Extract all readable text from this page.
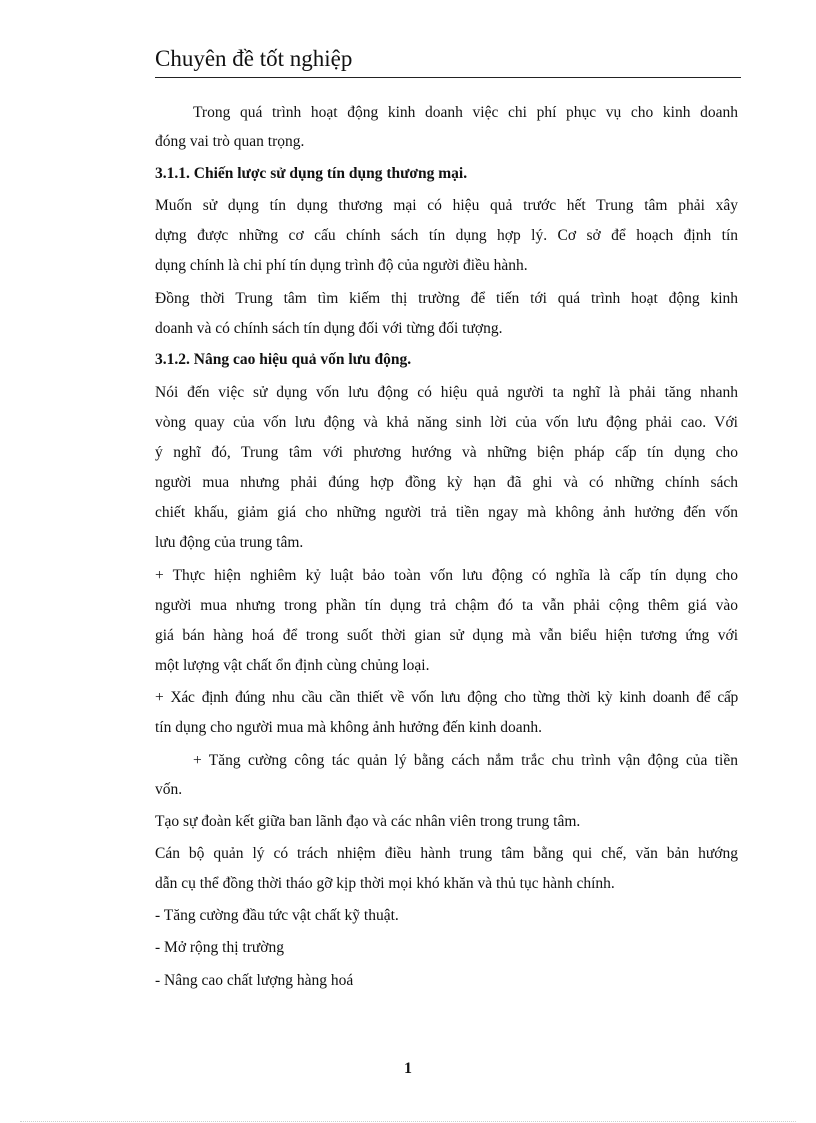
Chuyên đề tốt nghiệp
Trong quá trình hoạt động kinh doanh việc chi phí phục vụ cho kinh doanh
đóng vai trò quan trọng.
3.1.1. Chiến lược sử dụng tín dụng thương mại.
Muốn sử dụng tín dụng thương mại có hiệu quả trước hết Trung tâm phải xây
dựng được những cơ cấu chính sách tín dụng hợp lý. Cơ sở để hoạch định tín
dụng chính là chi phí tín dụng trình độ của người điều hành.
Đồng thời Trung tâm tìm kiếm thị trường để tiến tới quá trình hoạt động kinh
doanh và có chính sách tín dụng đối với từng đối tượng.
3.1.2. Nâng cao hiệu quả vốn lưu động.
Nói đến việc sử dụng vốn lưu động có hiệu quả người ta nghĩ là phải tăng nhanh
vòng quay của vốn lưu động và khả năng sinh lời của vốn lưu động phải cao. Với
ý nghĩ đó, Trung tâm với phương hướng và những biện pháp cấp tín dụng cho
người mua nhưng phải đúng hợp đồng kỳ hạn đã ghi và có những chính sách
chiết khấu, giảm giá cho những người trả tiền ngay mà không ảnh hưởng đến vốn
lưu động của trung tâm.
+ Thực hiện nghiêm kỷ luật bảo toàn vốn lưu động có nghĩa là cấp tín dụng cho
người mua nhưng trong phần tín dụng trả chậm đó ta vẫn phải cộng thêm giá vào
giá bán hàng hoá để trong suốt thời gian sử dụng mà vẫn biểu hiện tương ứng với
một lượng vật chất ổn định cùng chủng loại.
+ Xác định đúng nhu cầu cần thiết về vốn lưu động cho từng thời kỳ kinh doanh để cấp
tín dụng cho người mua mà không ảnh hưởng đến kinh doanh.
+ Tăng cường công tác quản lý bằng cách nắm trắc chu trình vận động của tiền
vốn.
Tạo sự đoàn kết giữa ban lãnh đạo và các nhân viên trong trung tâm.
Cán bộ quản lý có trách nhiệm điều hành trung tâm bằng qui chế, văn bản hướng
dẫn cụ thể đồng thời tháo gỡ kịp thời mọi khó khăn và thủ tục hành chính.
- Tăng cường đầu tức vật chất kỹ thuật.
- Mở rộng thị trường
- Nâng cao chất lượng hàng hoá
1
